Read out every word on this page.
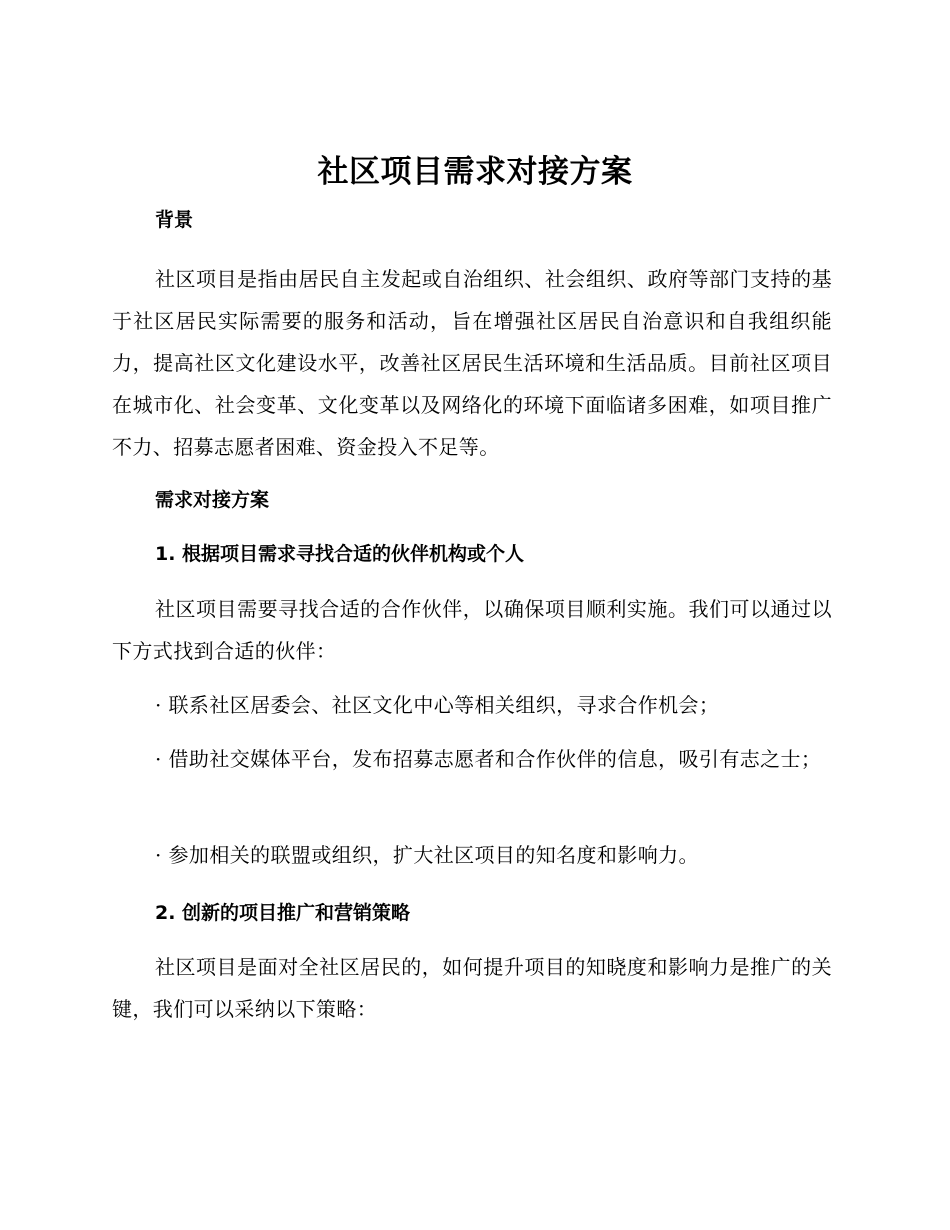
社区项目需求对接方案
背景
社区项目是指由居民自主发起或自治组织、社会组织、政府等部门支持的基于社区居民实际需要的服务和活动，旨在增强社区居民自治意识和自我组织能力，提高社区文化建设水平，改善社区居民生活环境和生活品质。目前社区项目在城市化、社会变革、文化变革以及网络化的环境下面临诸多困难，如项目推广不力、招募志愿者困难、资金投入不足等。
需求对接方案
1. 根据项目需求寻找合适的伙伴机构或个人
社区项目需要寻找合适的合作伙伴，以确保项目顺利实施。我们可以通过以下方式找到合适的伙伴：
· 联系社区居委会、社区文化中心等相关组织，寻求合作机会；
· 借助社交媒体平台，发布招募志愿者和合作伙伴的信息，吸引有志之士；
· 参加相关的联盟或组织，扩大社区项目的知名度和影响力。
2. 创新的项目推广和营销策略
社区项目是面对全社区居民的，如何提升项目的知晓度和影响力是推广的关键，我们可以采纳以下策略：
